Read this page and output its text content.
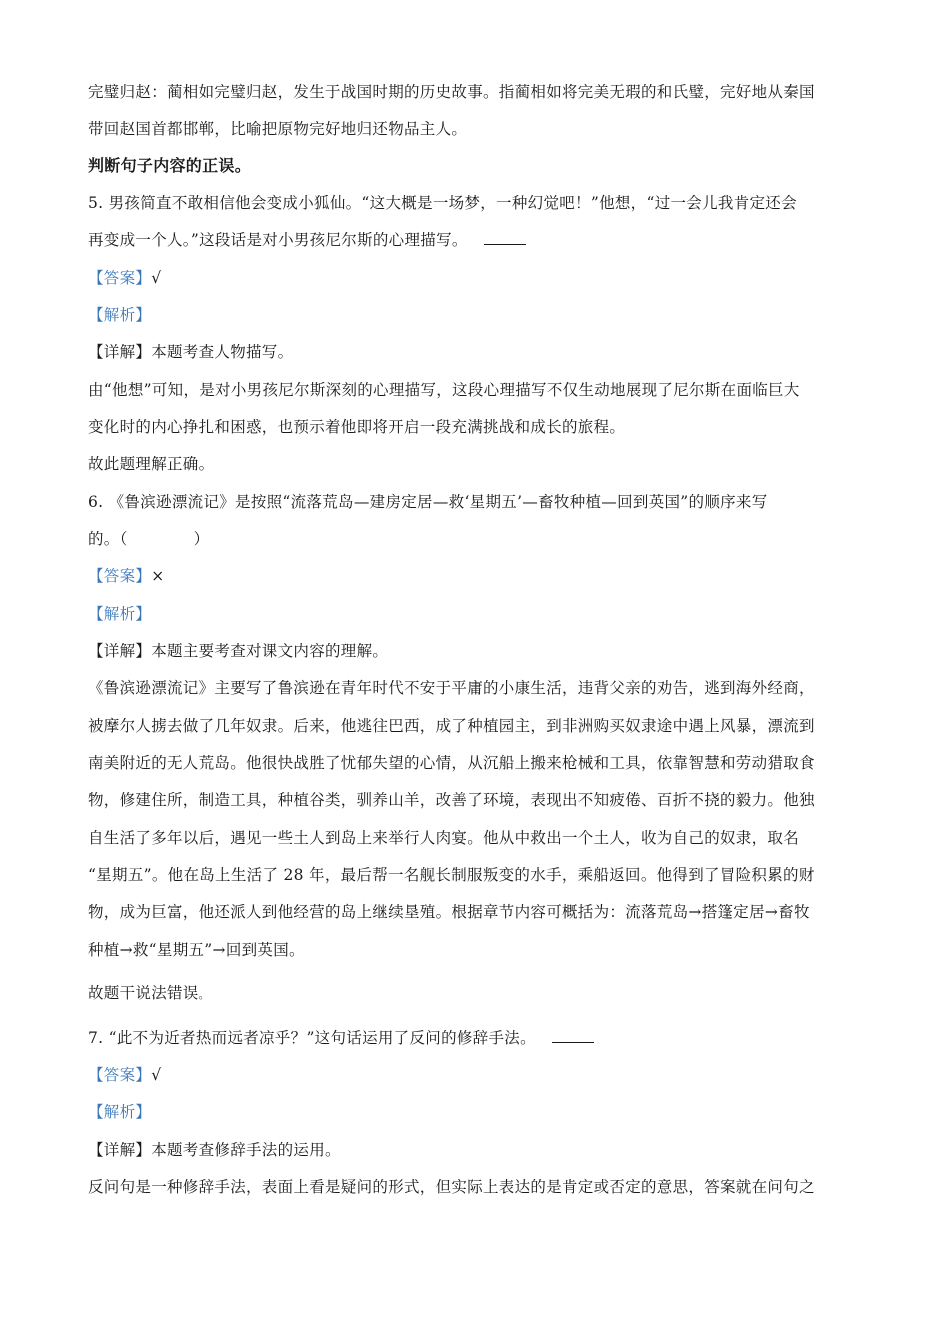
完璧归赵：蔺相如完璧归赵，发生于战国时期的历史故事。指蔺相如将完美无瑕的和氏璧，完好地从秦国
带回赵国首都邯郸，比喻把原物完好地归还物品主人。
判断句子内容的正误。
5. 男孩简直不敢相信他会变成小狐仙。“这大概是一场梦，一种幻觉吧！”他想，“过一会儿我肯定还会
再变成一个人。”这段话是对小男孩尼尔斯的心理描写。
【答案】√
【解析】
【详解】本题考查人物描写。
由“他想”可知，是对小男孩尼尔斯深刻的心理描写，这段心理描写不仅生动地展现了尼尔斯在面临巨大
变化时的内心挣扎和困惑，也预示着他即将开启一段充满挑战和成长的旅程。
故此题理解正确。
6. 《鲁滨逊漂流记》是按照“流落荒岛—建房定居—救‘星期五’—畜牧种植—回到英国”的顺序来写
的。（	）
【答案】×
【解析】
【详解】本题主要考查对课文内容的理解。
《鲁滨逊漂流记》主要写了鲁滨逊在青年时代不安于平庸的小康生活，违背父亲的劝告，逃到海外经商，
被摩尔人掳去做了几年奴隶。后来，他逃往巴西，成了种植园主，到非洲购买奴隶途中遇上风暴，漂流到
南美附近的无人荒岛。他很快战胜了忧郁失望的心情，从沉船上搬来枪械和工具，依靠智慧和劳动猎取食
物，修建住所，制造工具，种植谷类，驯养山羊，改善了环境，表现出不知疲倦、百折不挠的毅力。他独
自生活了多年以后，遇见一些土人到岛上来举行人肉宴。他从中救出一个土人，收为自己的奴隶，取名
“星期五”。他在岛上生活了 28 年，最后帮一名舰长制服叛变的水手，乘船返回。他得到了冒险积累的财
物，成为巨富，他还派人到他经营的岛上继续垦殖。根据章节内容可概括为：流落荒岛→搭篷定居→畜牧
种植→救“星期五”→回到英国。
故题干说法错误。
7. “此不为近者热而远者凉乎？”这句话运用了反问的修辞手法。
【答案】√
【解析】
【详解】本题考查修辞手法的运用。
反问句是一种修辞手法，表面上看是疑问的形式，但实际上表达的是肯定或否定的意思，答案就在问句之
